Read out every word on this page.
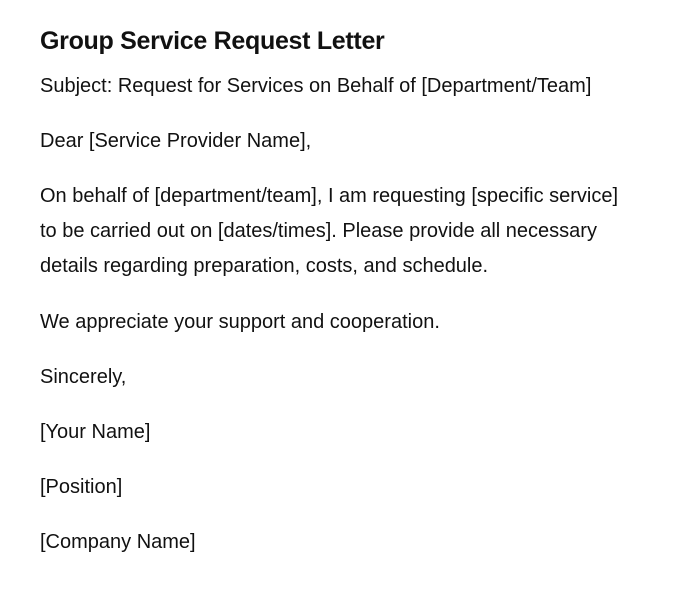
Group Service Request Letter

Subject: Request for Services on Behalf of [Department/Team]

Dear [Service Provider Name],

On behalf of [department/team], I am requesting [specific service] to be carried out on [dates/times]. Please provide all necessary details regarding preparation, costs, and schedule.

We appreciate your support and cooperation.

Sincerely,

[Your Name]

[Position]

[Company Name]
